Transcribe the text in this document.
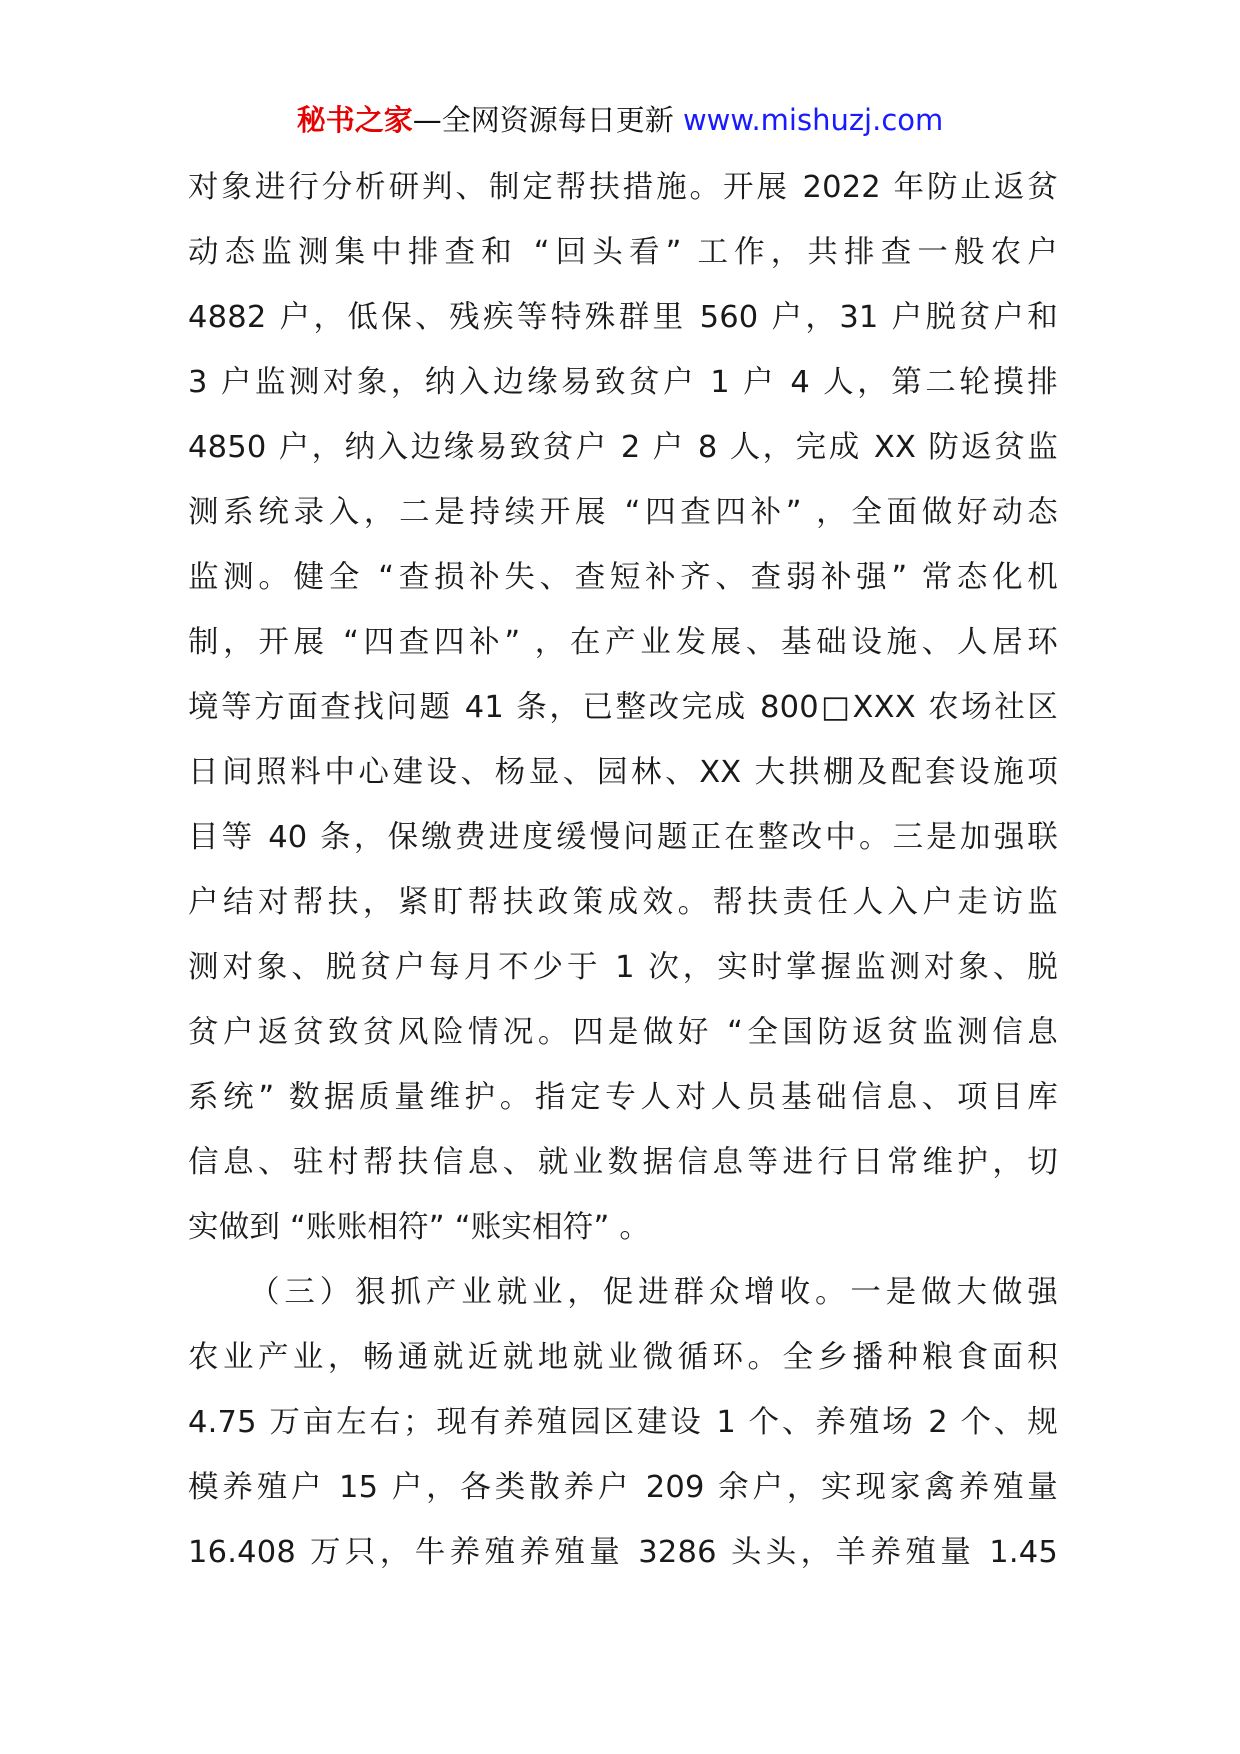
秘书之家—全网资源每日更新 www.mishuzj.com
对象进行分析研判、制定帮扶措施。开展 2022 年防止返贫
动态监测集中排查和 “回头看” 工作，共排查一般农户
4882 户，低保、残疾等特殊群里 560 户，31 户脱贫户和
3 户监测对象，纳入边缘易致贫户 1 户 4 人，第二轮摸排
4850 户，纳入边缘易致贫户 2 户 8 人，完成 XX 防返贫监
测系统录入，二是持续开展 “四查四补” ，全面做好动态
监测。健全 “查损补失、查短补齐、查弱补强” 常态化机
制，开展 “四查四补” ，在产业发展、基础设施、人居环
境等方面查找问题 41 条，已整改完成 800□XXX 农场社区
日间照料中心建设、杨显、园林、XX 大拱棚及配套设施项
目等 40 条，保缴费进度缓慢问题正在整改中。三是加强联
户结对帮扶，紧盯帮扶政策成效。帮扶责任人入户走访监
测对象、脱贫户每月不少于 1 次，实时掌握监测对象、脱
贫户返贫致贫风险情况。四是做好 “全国防返贫监测信息
系统” 数据质量维护。指定专人对人员基础信息、项目库
信息、驻村帮扶信息、就业数据信息等进行日常维护，切
实做到 “账账相符” “账实相符” 。
（三）狠抓产业就业，促进群众增收。一是做大做强
农业产业，畅通就近就地就业微循环。全乡播种粮食面积
4.75 万亩左右；现有养殖园区建设 1 个、养殖场 2 个、规
模养殖户 15 户，各类散养户 209 余户，实现家禽养殖量
16.408 万只，牛养殖养殖量 3286 头头，羊养殖量 1.45
